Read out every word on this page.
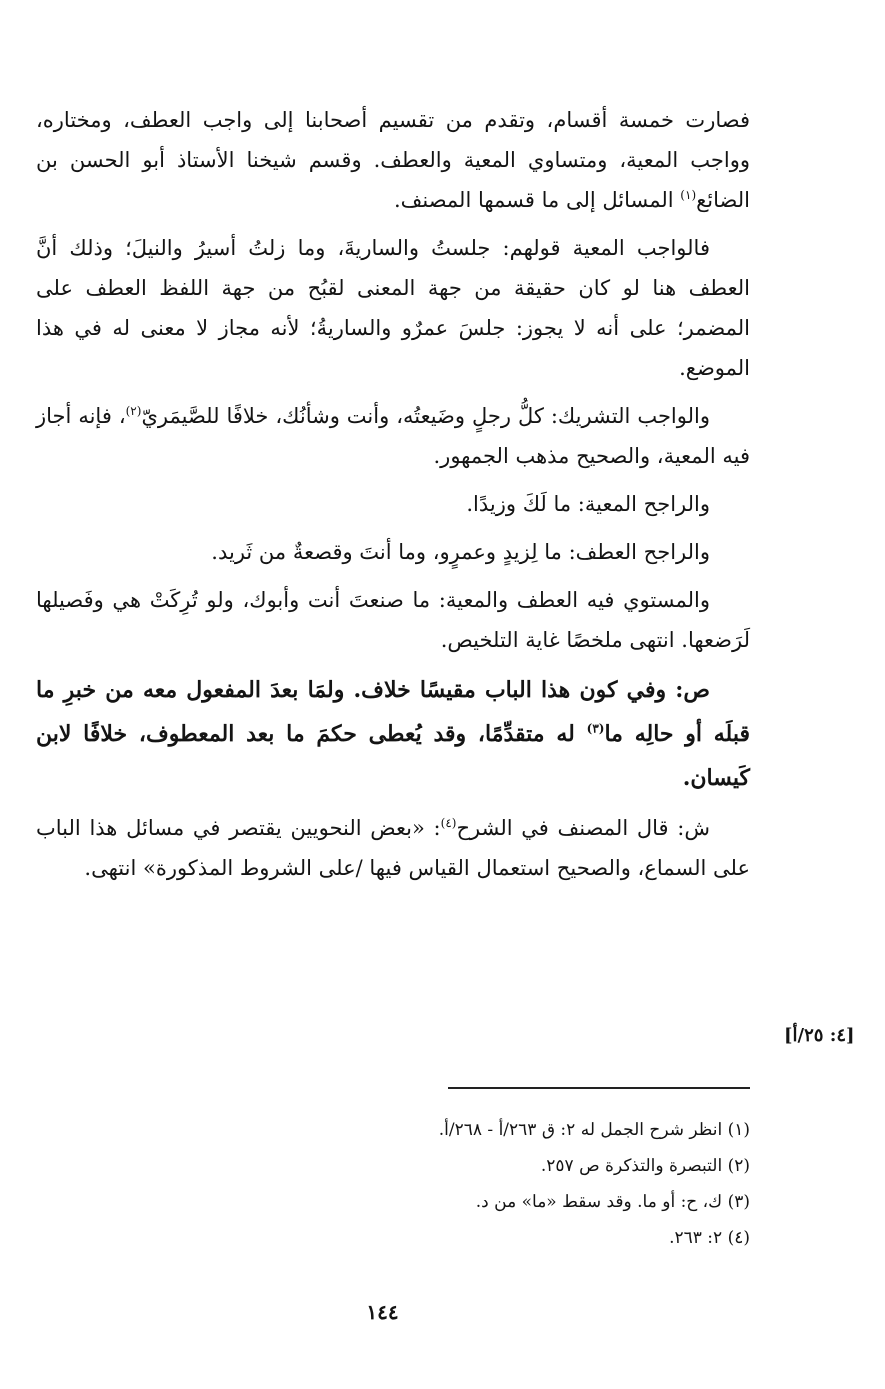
فصارت خمسة أقسام، وتقدم من تقسيم أصحابنا إلى واجب العطف، ومختاره، وواجب المعية، ومتساوي المعية والعطف. وقسم شيخنا الأستاذ أبو الحسن بن الضائع$^{(١)}$ المسائل إلى ما قسمها المصنف.

فالواجب المعية قولهم: جلستُ والساريةَ، وما زلتُ أسيرُ والنيلَ؛ وذلك أنَّ العطف هنا لو كان حقيقة من جهة المعنى لقبُح من جهة اللفظ العطف على المضمر؛ على أنه لا يجوز: جلسَ عمرٌو والساريةُ؛ لأنه مجاز لا معنى له في هذا الموضع.

والواجب التشريك: كلُّ رجلٍ وضَيعتُه، وأنت وشأنُك، خلافًا للصَّيمَريّ$^{(٢)}$، فإنه أجاز فيه المعية، والصحيح مذهب الجمهور.

والراجح المعية: ما لَكَ وزيدًا.

والراجح العطف: ما لِزيدٍ وعمرٍو، وما أنتَ وقصعةٌ من ثَريد.

والمستوي فيه العطف والمعية: ما صنعتَ أنت وأبوك، ولو تُرِكَتْ هي وفَصيلها لَرَضعها. انتهى ملخصًا غاية التلخيص.

ص: وفي كون هذا الباب مقيسًا خلاف. ولمَا بعدَ المفعول معه من خبرِ ما قبلَه أو حالِه ما$^{(٣)}$ له متقدِّمًا، وقد يُعطى حكمَ ما بعد المعطوف، خلافًا لابن كَيسان.

ش: قال المصنف في الشرح$^{(٤)}$: «بعض النحويين يقتصر في مسائل هذا الباب على السماع، والصحيح استعمال القياس فيها /على الشروط المذكورة» انتهى.

[٤: ٢٥/أ]
(١) انظر شرح الجمل له ٢: ق ٢٦٣/أ - ٢٦٨/أ.
(٢) التبصرة والتذكرة ص ٢٥٧.
(٣) ك، ح: أو ما. وقد سقط «ما» من د.
(٤) ٢: ٢٦٣.
١٤٤
